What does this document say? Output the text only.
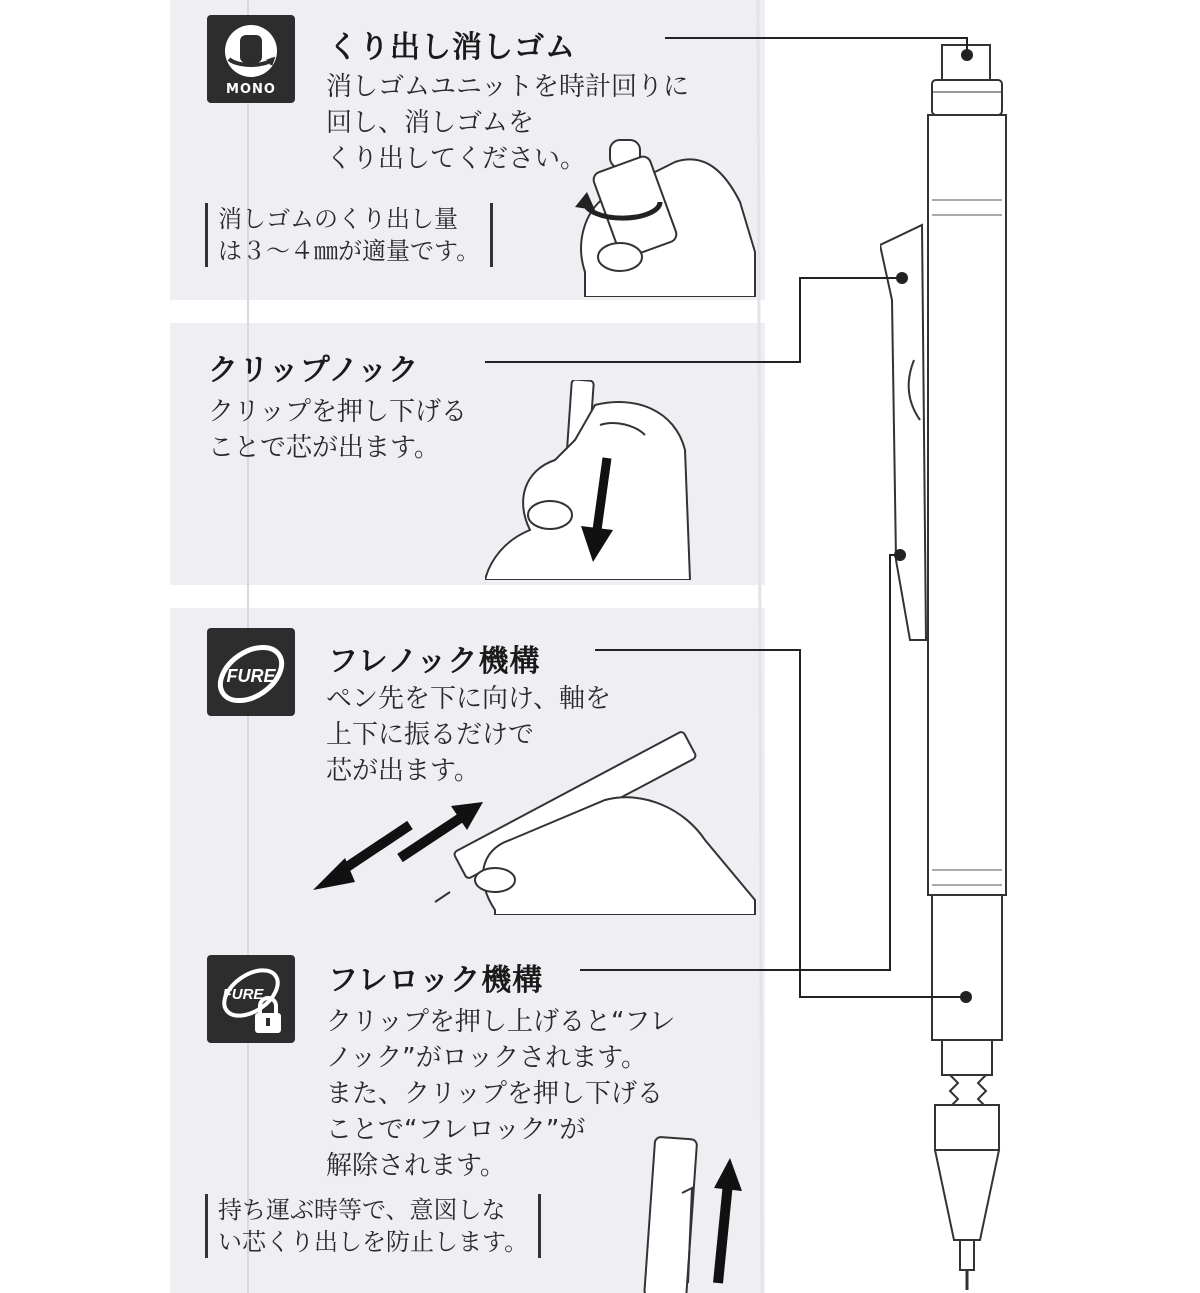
MONO
くり出し消しゴム
消しゴムユニットを時計回りに
回し、消しゴムを
くり出してください。
消しゴムのくり出し量
は３〜４㎜が適量です。
クリップノック
クリップを押し下げる
ことで芯が出ます。
FURE フレノック機構
ペン先を下に向け、軸を
上下に振るだけで
芯が出ます。
FURE フレロック機構
クリップを押し上げると“フレ
ノック”がロックされます。
また、クリップを押し下げる
ことで“フレロック”が
解除されます。
持ち運ぶ時等で、意図しな
い芯くり出しを防止します。
